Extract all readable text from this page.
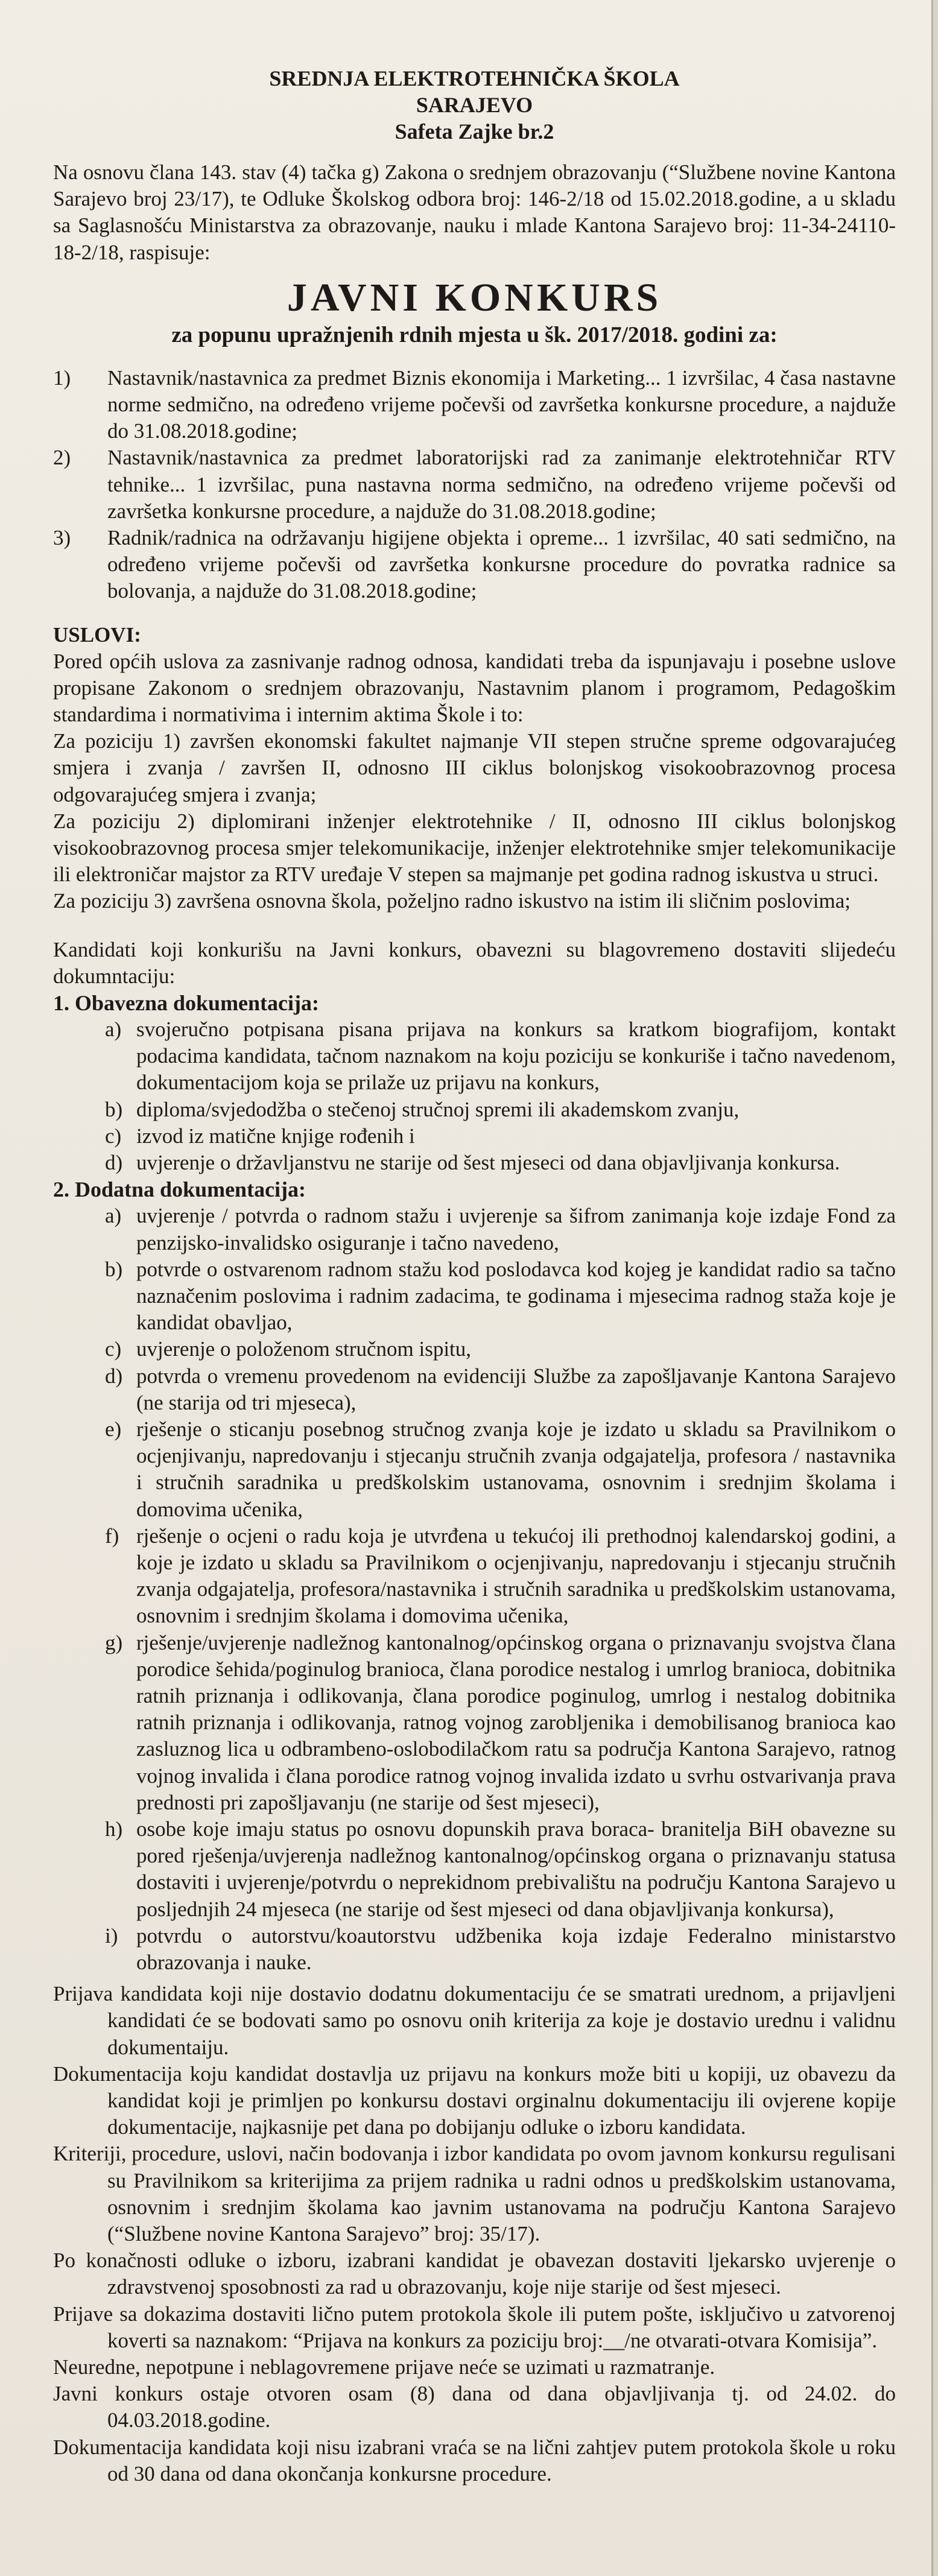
SREDNJA ELEKTROTEHNIČKA ŠKOLA
SARAJEVO
Safeta Zajke br.2

Na osnovu člana 143. stav (4) tačka g) Zakona o srednjem obrazovanju (“Službene novine Kantona Sarajevo broj 23/17), te Odluke Školskog odbora broj: 146-2/18 od 15.02.2018.godine, a u skladu sa Saglasnošću Ministarstva za obrazovanje, nauku i mlade Kantona Sarajevo broj: 11-34-24110-18-2/18, raspisuje:

JAVNI KONKURS
za popunu upražnjenih rdnih mjesta u šk. 2017/2018. godini za:
1) Nastavnik/nastavnica za predmet Biznis ekonomija i Marketing... 1 izvršilac, 4 časa nastavne norme sedmično, na određeno vrijeme počevši od završetka konkursne procedure, a najduže do 31.08.2018.godine;
2) Nastavnik/nastavnica za predmet laboratorijski rad za zanimanje elektrotehničar RTV tehnike... 1 izvršilac, puna nastavna norma sedmično, na određeno vrijeme počevši od završetka konkursne procedure, a najduže do 31.08.2018.godine;
3) Radnik/radnica na održavanju higijene objekta i opreme... 1 izvršilac, 40 sati sedmično, na određeno vrijeme počevši od završetka konkursne procedure do povratka radnice sa bolovanja, a najduže do 31.08.2018.godine;
USLOVI:

Pored općih uslova za zasnivanje radnog odnosa, kandidati treba da ispunjavaju i posebne uslove propisane Zakonom o srednjem obrazovanju, Nastavnim planom i programom, Pedagoškim standardima i normativima i internim aktima Škole i to:

Za poziciju 1) završen ekonomski fakultet najmanje VII stepen stručne spreme odgovarajućeg smjera i zvanja / završen II, odnosno III ciklus bolonjskog visokoobrazovnog procesa odgovarajućeg smjera i zvanja;

Za poziciju 2) diplomirani inženjer elektrotehnike / II, odnosno III ciklus bolonjskog visokoobrazovnog procesa smjer telekomunikacije, inženjer elektrotehnike smjer telekomunikacije ili elektroničar majstor za RTV uređaje V stepen sa majmanje pet godina radnog iskustva u struci.

Za poziciju 3) završena osnovna škola, poželjno radno iskustvo na istim ili sličnim poslovima;

Kandidati koji konkurišu na Javni konkurs, obavezni su blagovremeno dostaviti slijedeću dokumntaciju:

1. Obavezna dokumentacija:
a) svojeručno potpisana pisana prijava na konkurs sa kratkom biografijom, kontakt podacima kandidata, tačnom naznakom na koju poziciju se konkuriše i tačno navedenom, dokumentacijom koja se prilaže uz prijavu na konkurs,
b) diploma/svjedodžba o stečenoj stručnoj spremi ili akademskom zvanju,
c) izvod iz matične knjige rođenih i
d) uvjerenje o državljanstvu ne starije od šest mjeseci od dana objavljivanja konkursa.
2. Dodatna dokumentacija:
a) uvjerenje / potvrda o radnom stažu i uvjerenje sa šifrom zanimanja koje izdaje Fond za penzijsko-invalidsko osiguranje i tačno navedeno,
b) potvrde o ostvarenom radnom stažu kod poslodavca kod kojeg je kandidat radio sa tačno naznačenim poslovima i radnim zadacima, te godinama i mjesecima radnog staža koje je kandidat obavljao,
c) uvjerenje o položenom stručnom ispitu,
d) potvrda o vremenu provedenom na evidenciji Službe za zapošljavanje Kantona Sarajevo (ne starija od tri mjeseca),
e) rješenje o sticanju posebnog stručnog zvanja koje je izdato u skladu sa Pravilnikom o ocjenjivanju, napredovanju i stjecanju stručnih zvanja odgajatelja, profesora / nastavnika i stručnih saradnika u predškolskim ustanovama, osnovnim i srednjim školama i domovima učenika,
f) rješenje o ocjeni o radu koja je utvrđena u tekućoj ili prethodnoj kalendarskoj godini, a koje je izdato u skladu sa Pravilnikom o ocjenjivanju, napredovanju i stjecanju stručnih zvanja odgajatelja, profesora/nastavnika i stručnih saradnika u predškolskim ustanovama, osnovnim i srednjim školama i domovima učenika,
g) rješenje/uvjerenje nadležnog kantonalnog/općinskog organa o priznavanju svojstva člana porodice šehida/poginulog branioca, člana porodice nestalog i umrlog branioca, dobitnika ratnih priznanja i odlikovanja, člana porodice poginulog, umrlog i nestalog dobitnika ratnih priznanja i odlikovanja, ratnog vojnog zarobljenika i demobilisanog branioca kao zasluznog lica u odbrambeno-oslobodilačkom ratu sa područja Kantona Sarajevo, ratnog vojnog invalida i člana porodice ratnog vojnog invalida izdato u svrhu ostvarivanja prava prednosti pri zapošljavanju (ne starije od šest mjeseci),
h) osobe koje imaju status po osnovu dopunskih prava boraca- branitelja BiH obavezne su pored rješenja/uvjerenja nadležnog kantonalnog/općinskog organa o priznavanju statusa dostaviti i uvjerenje/potvrdu o neprekidnom prebivalištu na području Kantona Sarajevo u posljednjih 24 mjeseca (ne starije od šest mjeseci od dana objavljivanja konkursa),
i) potvrdu o autorstvu/koautorstvu udžbenika koja izdaje Federalno ministarstvo obrazovanja i nauke.

Prijava kandidata koji nije dostavio dodatnu dokumentaciju će se smatrati urednom, a prijavljeni kandidati će se bodovati samo po osnovu onih kriterija za koje je dostavio urednu i validnu dokumentaiju.

Dokumentacija koju kandidat dostavlja uz prijavu na konkurs može biti u kopiji, uz obavezu da kandidat koji je primljen po konkursu dostavi orginalnu dokumentaciju ili ovjerene kopije dokumentacije, najkasnije pet dana po dobijanju odluke o izboru kandidata.

Kriteriji, procedure, uslovi, način bodovanja i izbor kandidata po ovom javnom konkursu regulisani su Pravilnikom sa kriterijima za prijem radnika u radni odnos u predškolskim ustanovama, osnovnim i srednjim školama kao javnim ustanovama na području Kantona Sarajevo (“Službene novine Kantona Sarajevo” broj: 35/17).

Po konačnosti odluke o izboru, izabrani kandidat je obavezan dostaviti ljekarsko uvjerenje o zdravstvenoj sposobnosti za rad u obrazovanju, koje nije starije od šest mjeseci.

Prijave sa dokazima dostaviti lično putem protokola škole ili putem pošte, isključivo u zatvorenoj koverti sa naznakom: “Prijava na konkurs za poziciju broj:__/ne otvarati-otvara Komisija”.

Neuredne, nepotpune i neblagovremene prijave neće se uzimati u razmatranje.

Javni konkurs ostaje otvoren osam (8) dana od dana objavljivanja tj. od 24.02. do 04.03.2018.godine.

Dokumentacija kandidata koji nisu izabrani vraća se na lični zahtjev putem protokola škole u roku od 30 dana od dana okončanja konkursne procedure.
